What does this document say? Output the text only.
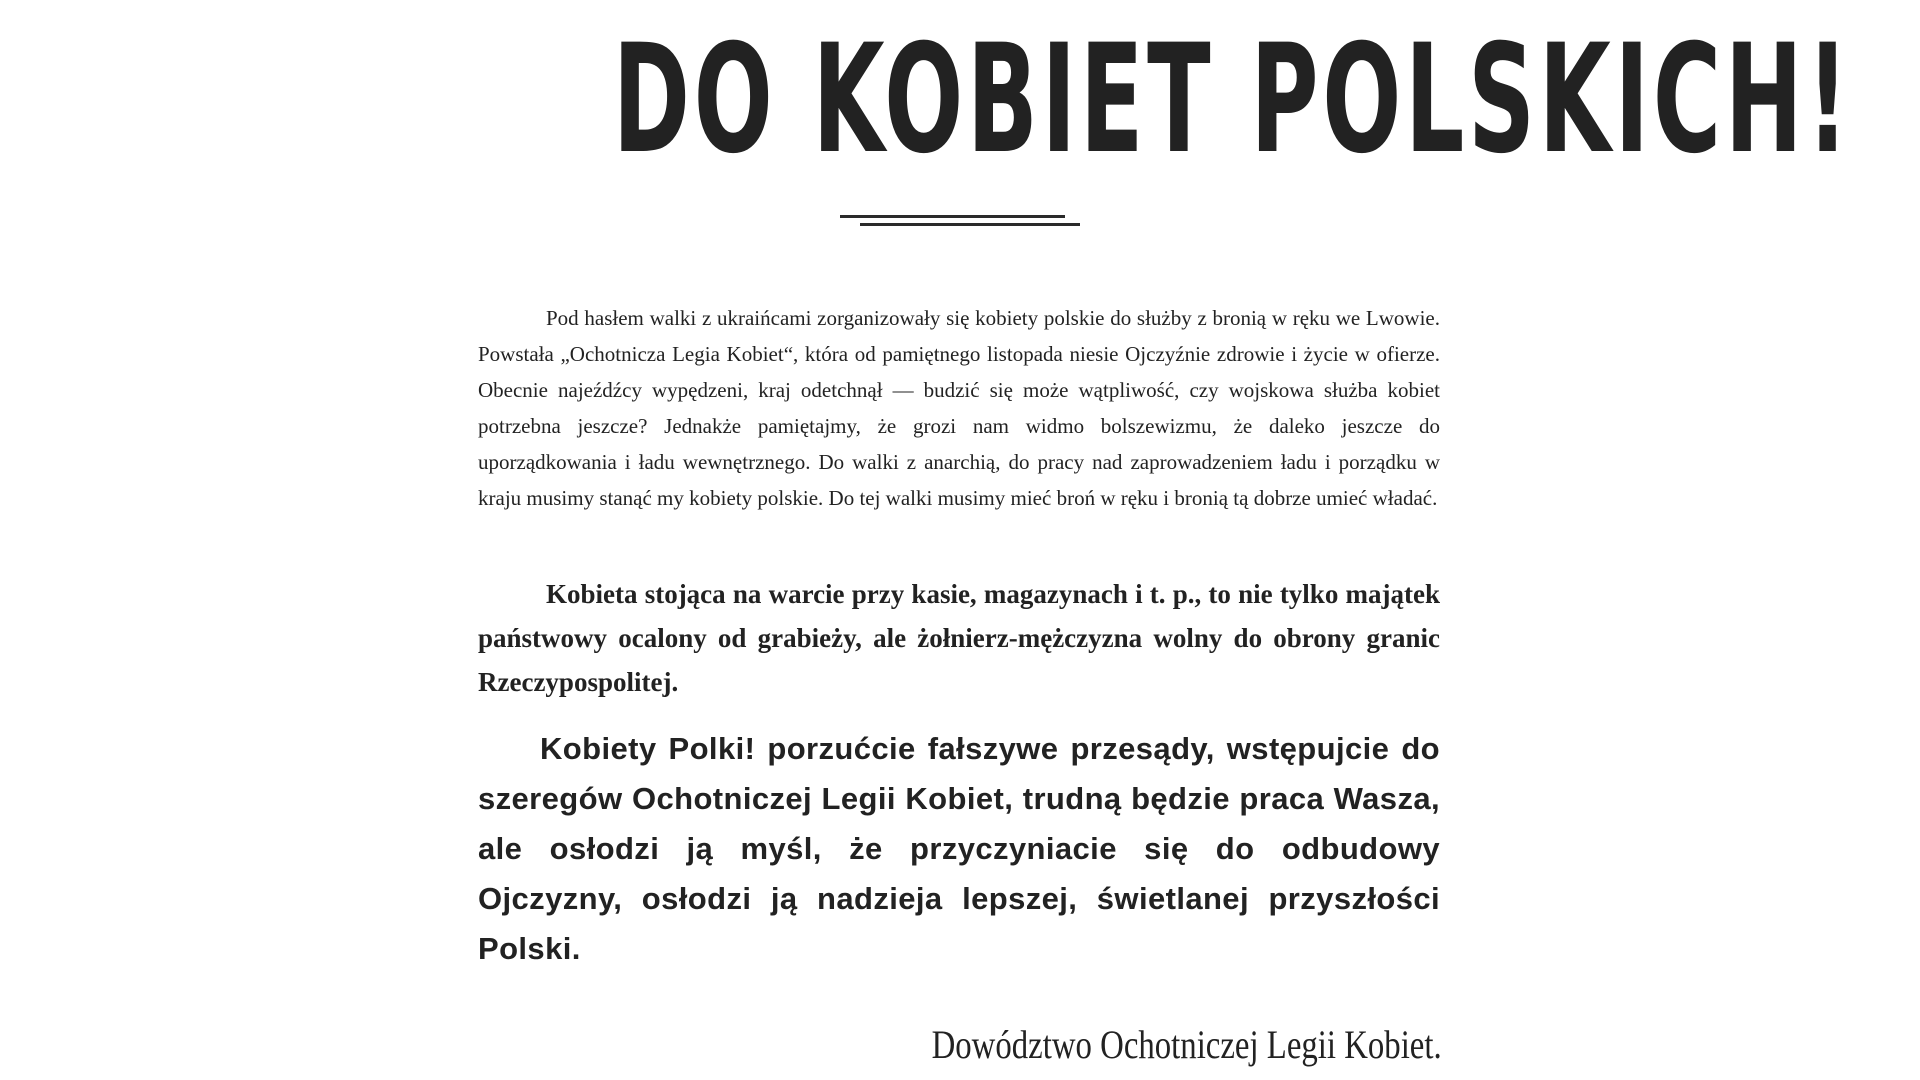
DO KOBIET POLSKICH!
Pod hasłem walki z ukraińcami zorganizowały się kobiety polskie do służby z bronią w ręku we Lwowie. Powstała „Ochotnicza Legia Kobiet“, która od pamiętnego listopada niesie Ojczyźnie zdrowie i życie w ofierze. Obecnie najeźdźcy wypędzeni, kraj odetchnął — budzić się może wątpliwość, czy wojskowa służba kobiet potrzebna jeszcze? Jednakże pamiętajmy, że grozi nam widmo bolszewizmu, że daleko jeszcze do uporządkowania i ładu wewnętrznego. Do walki z anarchią, do pracy nad zaprowadzeniem ładu i porządku w kraju musimy stanąć my kobiety polskie. Do tej walki musimy mieć broń w ręku i bronią tą dobrze umieć władać.
Kobieta stojąca na warcie przy kasie, magazynach i t. p., to nie tylko majątek państwowy ocalony od grabieży, ale żołnierz-mężczyzna wolny do obrony granic Rzeczypospolitej.
Kobiety Polki! porzućcie fałszywe przesądy, wstępujcie do szeregów Ochotniczej Legii Kobiet, trudną będzie praca Wasza, ale osłodzi ją myśl, że przyczyniacie się do odbudowy Ojczyzny, osłodzi ją nadzieja lepszej, świetlanej przyszłości Polski.
Dowództwo Ochotniczej Legii Kobiet.
